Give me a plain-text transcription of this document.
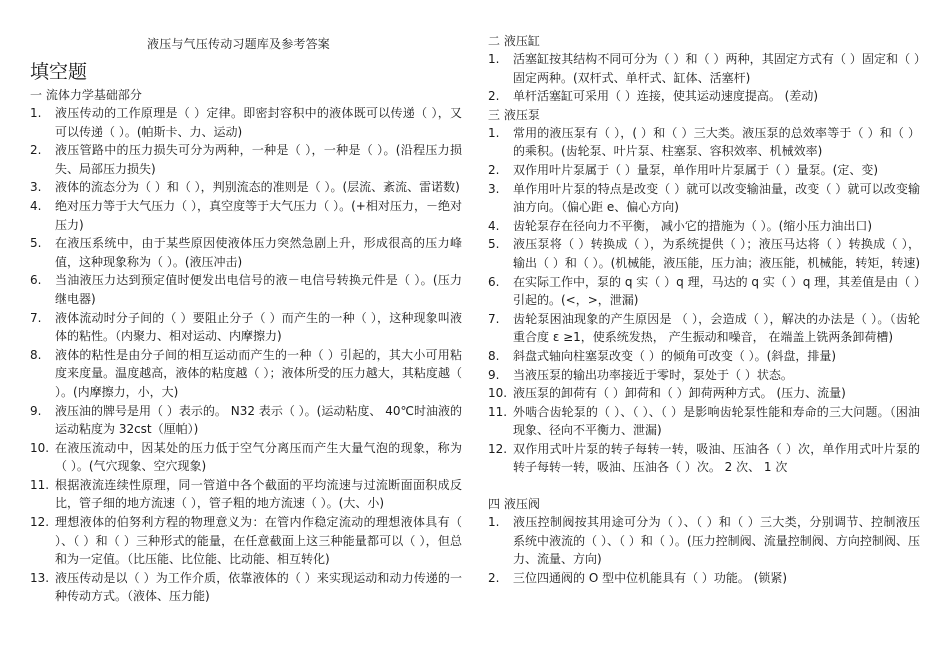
液压与气压传动习题库及参考答案
填空题
一 流体力学基础部分
1.	液压传动的工作原理是（ ）定律。即密封容积中的液体既可以传递（ ），又可以传递（ ）。(帕斯卡、力、运动)
2.	液压管路中的压力损失可分为两种，一种是（ ），一种是（ ）。(沿程压力损失、局部压力损失)
3.	液体的流态分为（ ）和（ ），判别流态的准则是（ ）。(层流、紊流、雷诺数)
4.	绝对压力等于大气压力（ ），真空度等于大气压力（ ）。(+相对压力，－绝对压力)
5.	在液压系统中，由于某些原因使液体压力突然急剧上升，形成很高的压力峰值，这种现象称为（ ）。(液压冲击)
6.	当油液压力达到预定值时便发出电信号的液－电信号转换元件是（ ）。(压力继电器)
7.	液体流动时分子间的（ ）要阻止分子（ ）而产生的一种（ ），这种现象叫液体的粘性。（内聚力、相对运动、内摩擦力)
8.	液体的粘性是由分子间的相互运动而产生的一种（ ）引起的，其大小可用粘度来度量。温度越高，液体的粘度越（ ）；液体所受的压力越大，其粘度越（ ）。(内摩擦力，小，大)
9.	液压油的牌号是用（ ）表示的。 N32 表示（ ）。(运动粘度、 40℃时油液的运动粘度为 32cst（厘帕）)
10. 在液压流动中，因某处的压力低于空气分离压而产生大量气泡的现象，称为（ ）。(气穴现象、空穴现象)
11. 根据液流连续性原理，同一管道中各个截面的平均流速与过流断面面积成反比，管子细的地方流速（ ），管子粗的地方流速（ ）。(大、小)
12. 理想液体的伯努利方程的物理意义为：在管内作稳定流动的理想液体具有（ ）、（ ）和（ ）三种形式的能量，在任意截面上这三种能量都可以（ ），但总和为一定值。（比压能、比位能、比动能、相互转化)
13. 液压传动是以（ ）为工作介质，依靠液体的（ ）来实现运动和动力传递的一种传动方式。（液体、压力能)
二 液压缸
1.	活塞缸按其结构不同可分为（ ）和（ ）两种，其固定方式有（ ）固定和（ ）固定两种。(双杆式、单杆式、缸体、活塞杆)
2.	单杆活塞缸可采用（ ）连接，使其运动速度提高。 (差动)
三 液压泵
1.	常用的液压泵有（ ），( ）和（ ）三大类。液压泵的总效率等于（ ）和（ ）的乘积。(齿轮泵、叶片泵、柱塞泵、容积效率、机械效率)
2.	双作用叶片泵属于（ ）量泵，单作用叶片泵属于（ ）量泵。(定、变)
3.	单作用叶片泵的特点是改变（ ）就可以改变输油量，改变（ ）就可以改变输油方向。（偏心距 e、偏心方向)
4.	齿轮泵存在径向力不平衡， 减小它的措施为（ ）。(缩小压力油出口)
5.	液压泵将（ ）转换成（ ），为系统提供（ ）；液压马达将（ ）转换成（ ），输出（ ）和（ ）。(机械能，液压能，压力油；液压能，机械能，转矩，转速)
6.	在实际工作中，泵的 q 实（ ）q 理，马达的 q 实（ ）q 理，其差值是由（ ）引起的。(<，>，泄漏)
7.	齿轮泵困油现象的产生原因是 （ ），会造成（ ），解决的办法是（ ）。（齿轮重合度 ε ≥1，使系统发热， 产生振动和噪音， 在端盖上铣两条卸荷槽)
8.	斜盘式轴向柱塞泵改变（ ）的倾角可改变（ ）。(斜盘，排量)
9.	当液压泵的输出功率接近于零时，泵处于（ ）状态。
10. 液压泵的卸荷有（ ）卸荷和（ ）卸荷两种方式。 (压力、流量)
11. 外啮合齿轮泵的（ ）、（ ）、（ ）是影响齿轮泵性能和寿命的三大问题。（困油现象、径向不平衡力、泄漏)
12. 双作用式叶片泵的转子每转一转，吸油、压油各（ ）次，单作用式叶片泵的转子每转一转，吸油、压油各（ ）次。 2 次、 1 次
四 液压阀
1.	液压控制阀按其用途可分为（ ）、（ ）和（ ）三大类，分别调节、控制液压系统中液流的（ ）、（ ）和（ ）。(压力控制阀、流量控制阀、方向控制阀、压力、流量、方向)
2.	三位四通阀的 O 型中位机能具有（ ）功能。 (锁紧)
